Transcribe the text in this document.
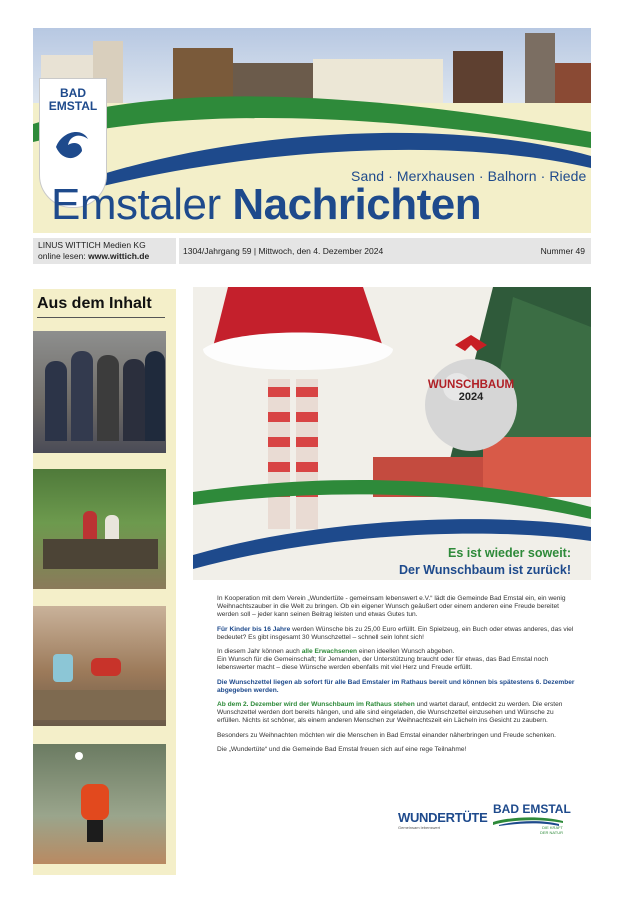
BAD
EMSTAL
Sand · Merxhausen · Balhorn · Riede
Emstaler Nachrichten
LINUS WITTICH Medien KG
online lesen: www.wittich.de	1304/Jahrgang 59 | Mittwoch, den 4. Dezember 2024	Nummer 49
Aus dem Inhalt
WUNSCHBAUM
2024
Es ist wieder soweit:
Der Wunschbaum ist zurück!

In Kooperation mit dem Verein „Wundertüte - gemeinsam lebenswert e.V.“ lädt die Gemeinde Bad Emstal ein, ein wenig Weihnachtszauber in die Welt zu bringen. Ob ein eigener Wunsch geäußert oder einem anderen eine Freude bereitet werden soll – jeder kann seinen Beitrag leisten und etwas Gutes tun.

Für Kinder bis 16 Jahre werden Wünsche bis zu 25,00 Euro erfüllt. Ein Spielzeug, ein Buch oder etwas anderes, das viel bedeutet? Es gibt insgesamt 30 Wunschzettel – schnell sein lohnt sich!

In diesem Jahr können auch alle Erwachsenen einen ideellen Wunsch abgeben.
Ein Wunsch für die Gemeinschaft; für Jemanden, der Unterstützung braucht oder für etwas, das Bad Emstal noch lebenswerter macht – diese Wünsche werden ebenfalls mit viel Herz und Freude erfüllt.

Die Wunschzettel liegen ab sofort für alle Bad Emstaler im Rathaus bereit und können bis spätestens 6. Dezember abgegeben werden.

Ab dem 2. Dezember wird der Wunschbaum im Rathaus stehen und wartet darauf, entdeckt zu werden. Die ersten Wunschzettel werden dort bereits hängen, und alle sind eingeladen, die Wunschzettel einzusehen und Wünsche zu erfüllen. Nichts ist schöner, als einem anderen Menschen zur Weihnachtszeit ein Lächeln ins Gesicht zu zaubern.

Besonders zu Weihnachten möchten wir die Menschen in Bad Emstal einander näherbringen und Freude schenken.

Die „Wundertüte“ und die Gemeinde Bad Emstal freuen sich auf eine rege Teilnahme!

WUNDERTÜTE
Gemeinsam lebenswert
BAD EMSTAL
DIE KRAFT
DER NATUR
